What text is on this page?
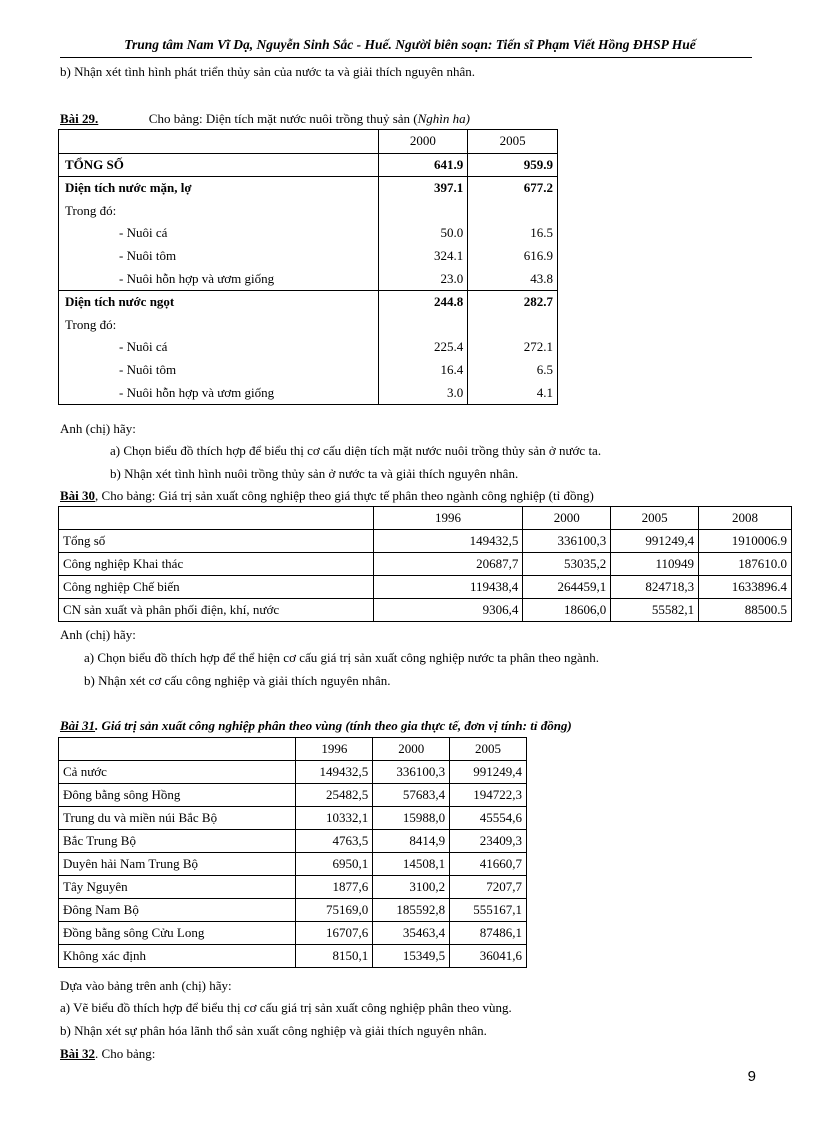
Trung tâm Nam Vĩ Dạ, Nguyễn Sinh Sắc - Huế. Người biên soạn: Tiến sĩ Phạm Viết Hồng ĐHSP Huế
b) Nhận xét tình hình phát triển thủy sản của nước ta và giải thích nguyên nhân.
Bài 29.	Cho bảng: Diện tích mặt nước nuôi trồng thuỷ sản (Nghìn ha)
	2000	2005
TỔNG SỐ	641.9	959.9
Diện tích nước mặn, lợ	397.1	677.2
Trong đó:		
- Nuôi cá	50.0	16.5
- Nuôi tôm	324.1	616.9
- Nuôi hỗn hợp và ươm giống	23.0	43.8
Diện tích nước ngọt	244.8	282.7
Trong đó:		
- Nuôi cá	225.4	272.1
- Nuôi tôm	16.4	6.5
- Nuôi hỗn hợp và ươm giống	3.0	4.1
Anh (chị) hãy:
a) Chọn biểu đồ thích hợp để biểu thị cơ cấu diện tích mặt nước nuôi trồng thủy sản ở nước ta.
b) Nhận xét tình hình nuôi trồng thủy sản ở nước ta và giải thích nguyên nhân.
Bài 30, Cho bảng: Giá trị sản xuất công nghiệp theo giá thực tế phân theo ngành công nghiệp (tỉ đồng)
	1996	2000	2005	2008
Tổng số	149432,5	336100,3	991249,4	1910006.9
Công nghiệp Khai thác	20687,7	53035,2	110949	187610.0
Công nghiệp Chế biến	119438,4	264459,1	824718,3	1633896.4
CN sản xuất và phân phối điện, khí, nước	9306,4	18606,0	55582,1	88500.5
Anh (chị) hãy:
a) Chọn biểu đồ thích hợp để thể hiện cơ cấu giá trị sản xuất công nghiệp nước ta phân theo ngành.
b) Nhận xét cơ cấu công nghiệp và giải thích nguyên nhân.
Bài 31. Giá trị sản xuất công nghiệp phân theo vùng (tính theo gia thực tế, đơn vị tính: tỉ đồng)
	1996	2000	2005
Cả nước	149432,5	336100,3	991249,4
Đông bằng sông Hồng	25482,5	57683,4	194722,3
Trung du và miền núi Bắc Bộ	10332,1	15988,0	45554,6
Bắc Trung Bộ	4763,5	8414,9	23409,3
Duyên hải Nam Trung Bộ	6950,1	14508,1	41660,7
Tây Nguyên	1877,6	3100,2	7207,7
Đông Nam Bộ	75169,0	185592,8	555167,1
Đồng bằng sông Cửu Long	16707,6	35463,4	87486,1
Không xác định	8150,1	15349,5	36041,6
Dựa vào bảng trên anh (chị) hãy:
a) Vẽ biểu đồ thích hợp để biểu thị cơ cấu giá trị sản xuất công nghiệp phân theo vùng.
b) Nhận xét sự phân hóa lãnh thổ sản xuất công nghiệp và giải thích nguyên nhân.
Bài 32. Cho bảng:
9
